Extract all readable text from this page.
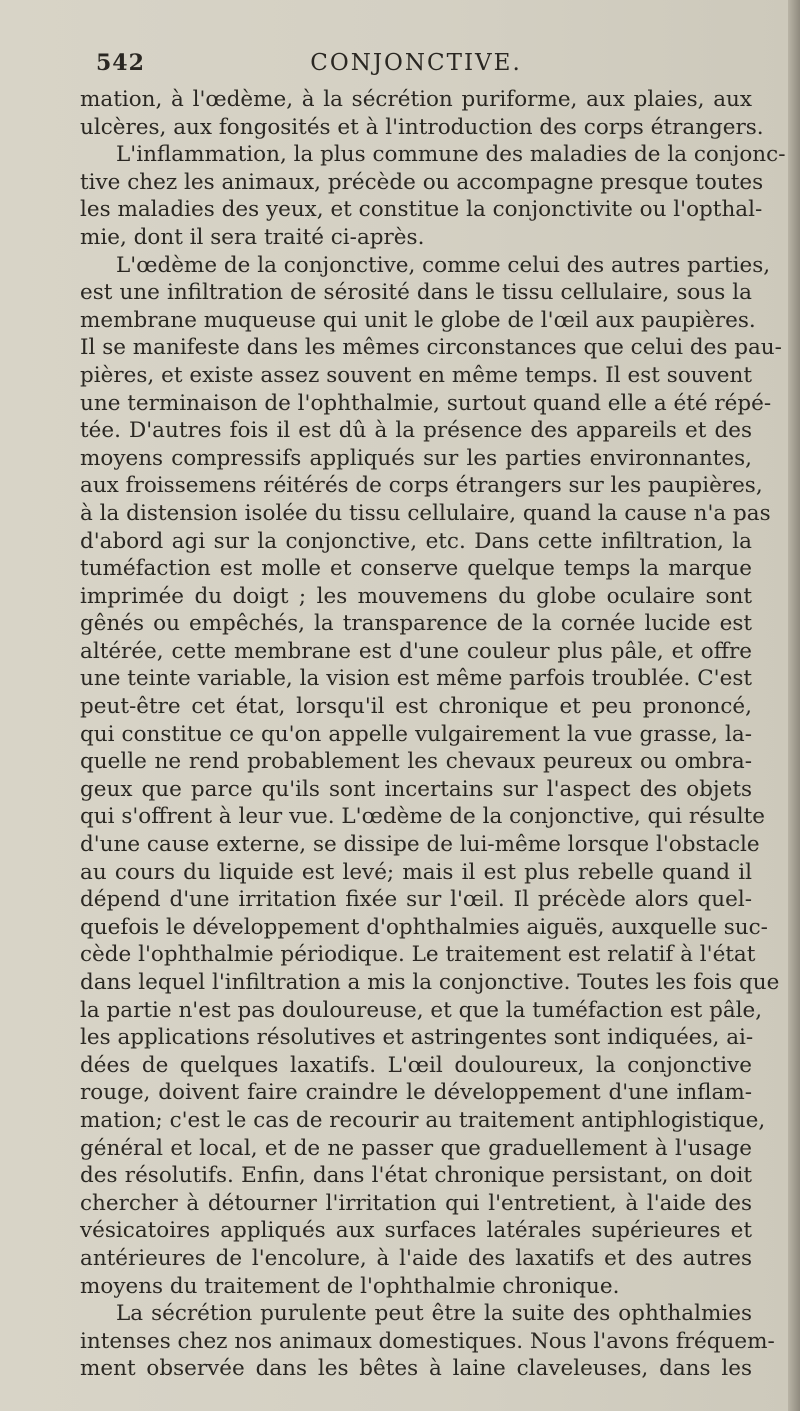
542	CONJONCTIVE.
mation, à l'œdème, à la sécrétion puriforme, aux plaies, aux
ulcères, aux fongosités et à l'introduction des corps étrangers.
L'inflammation, la plus commune des maladies de la conjonc-
tive chez les animaux, précède ou accompagne presque toutes
les maladies des yeux, et constitue la conjonctivite ou l'opthal-
mie, dont il sera traité ci-après.
L'œdème de la conjonctive, comme celui des autres parties,
est une infiltration de sérosité dans le tissu cellulaire, sous la
membrane muqueuse qui unit le globe de l'œil aux paupières.
Il se manifeste dans les mêmes circonstances que celui des pau-
pières, et existe assez souvent en même temps. Il est souvent
une terminaison de l'ophthalmie, surtout quand elle a été répé-
tée. D'autres fois il est dû à la présence des appareils et des
moyens compressifs appliqués sur les parties environnantes,
aux froissemens réitérés de corps étrangers sur les paupières,
à la distension isolée du tissu cellulaire, quand la cause n'a pas
d'abord agi sur la conjonctive, etc. Dans cette infiltration, la
tuméfaction est molle et conserve quelque temps la marque
imprimée du doigt ; les mouvemens du globe oculaire sont
gênés ou empêchés, la transparence de la cornée lucide est
altérée, cette membrane est d'une couleur plus pâle, et offre
une teinte variable, la vision est même parfois troublée. C'est
peut-être cet état, lorsqu'il est chronique et peu prononcé,
qui constitue ce qu'on appelle vulgairement la vue grasse, la-
quelle ne rend probablement les chevaux peureux ou ombra-
geux que parce qu'ils sont incertains sur l'aspect des objets
qui s'offrent à leur vue. L'œdème de la conjonctive, qui résulte
d'une cause externe, se dissipe de lui-même lorsque l'obstacle
au cours du liquide est levé; mais il est plus rebelle quand il
dépend d'une irritation fixée sur l'œil. Il précède alors quel-
quefois le développement d'ophthalmies aiguës, auxquelle suc-
cède l'ophthalmie périodique. Le traitement est relatif à l'état
dans lequel l'infiltration a mis la conjonctive. Toutes les fois que
la partie n'est pas douloureuse, et que la tuméfaction est pâle,
les applications résolutives et astringentes sont indiquées, ai-
dées de quelques laxatifs. L'œil douloureux, la conjonctive
rouge, doivent faire craindre le développement d'une inflam-
mation; c'est le cas de recourir au traitement antiphlogistique,
général et local, et de ne passer que graduellement à l'usage
des résolutifs. Enfin, dans l'état chronique persistant, on doit
chercher à détourner l'irritation qui l'entretient, à l'aide des
vésicatoires appliqués aux surfaces latérales supérieures et
antérieures de l'encolure, à l'aide des laxatifs et des autres
moyens du traitement de l'ophthalmie chronique.
La sécrétion purulente peut être la suite des ophthalmies
intenses chez nos animaux domestiques. Nous l'avons fréquem-
ment observée dans les bêtes à laine claveleuses, dans les
